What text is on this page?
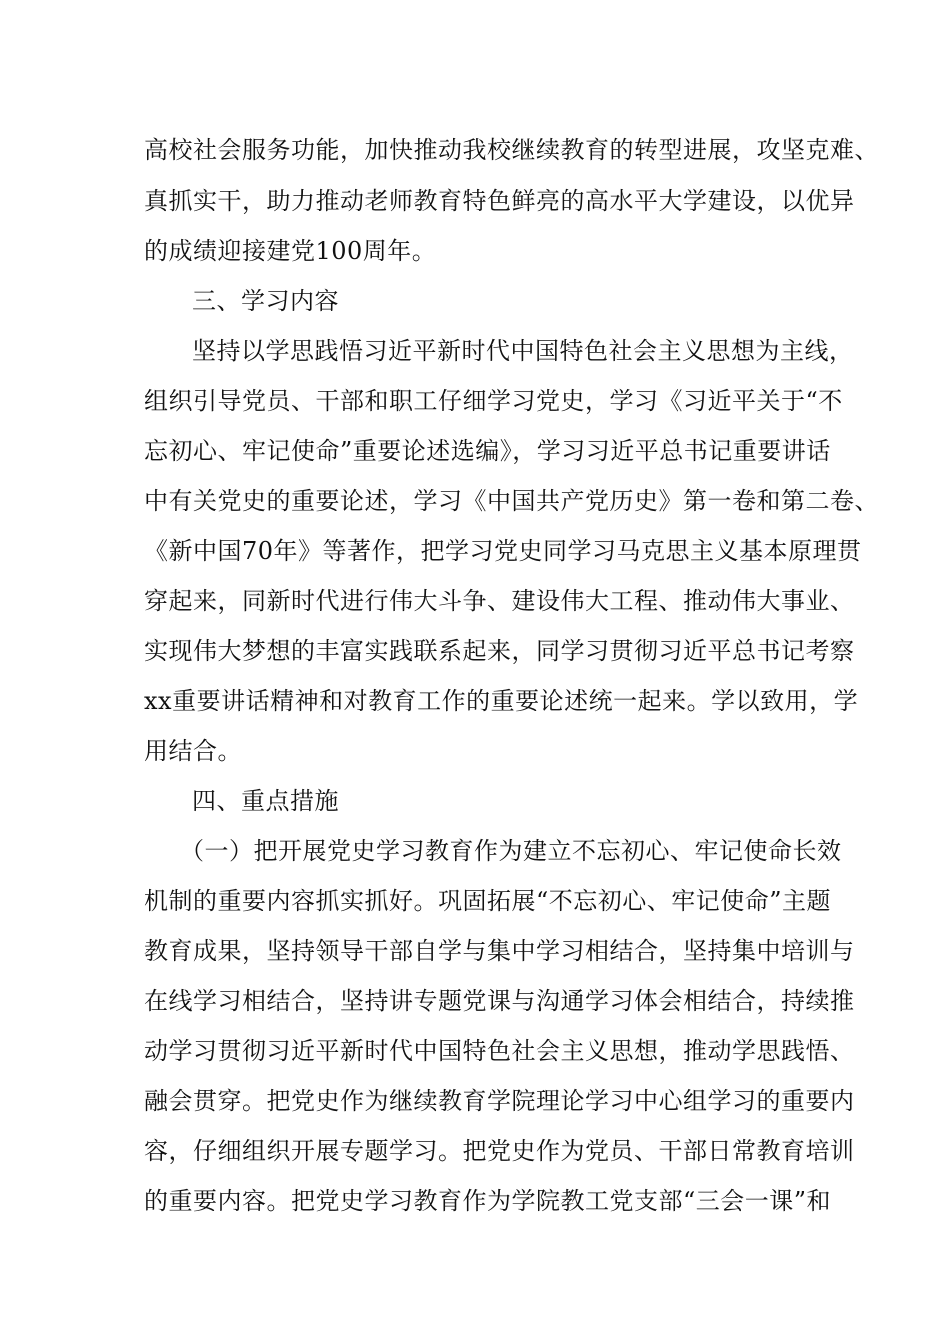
高校社会服务功能，加快推动我校继续教育的转型进展，攻坚克难、
真抓实干，助力推动老师教育特色鲜亮的高水平大学建设，以优异
的成绩迎接建党100周年。
三、学习内容
坚持以学思践悟习近平新时代中国特色社会主义思想为主线，
组织引导党员、干部和职工仔细学习党史，学习《习近平关于“不
忘初心、牢记使命”重要论述选编》，学习习近平总书记重要讲话
中有关党史的重要论述，学习《中国共产党历史》第一卷和第二卷、
《新中国70年》等著作，把学习党史同学习马克思主义基本原理贯
穿起来，同新时代进行伟大斗争、建设伟大工程、推动伟大事业、
实现伟大梦想的丰富实践联系起来，同学习贯彻习近平总书记考察
xx重要讲话精神和对教育工作的重要论述统一起来。学以致用，学
用结合。
四、重点措施
（一）把开展党史学习教育作为建立不忘初心、牢记使命长效
机制的重要内容抓实抓好。巩固拓展“不忘初心、牢记使命”主题
教育成果，坚持领导干部自学与集中学习相结合，坚持集中培训与
在线学习相结合，坚持讲专题党课与沟通学习体会相结合，持续推
动学习贯彻习近平新时代中国特色社会主义思想，推动学思践悟、
融会贯穿。把党史作为继续教育学院理论学习中心组学习的重要内
容，仔细组织开展专题学习。把党史作为党员、干部日常教育培训
的重要内容。把党史学习教育作为学院教工党支部“三会一课”和
